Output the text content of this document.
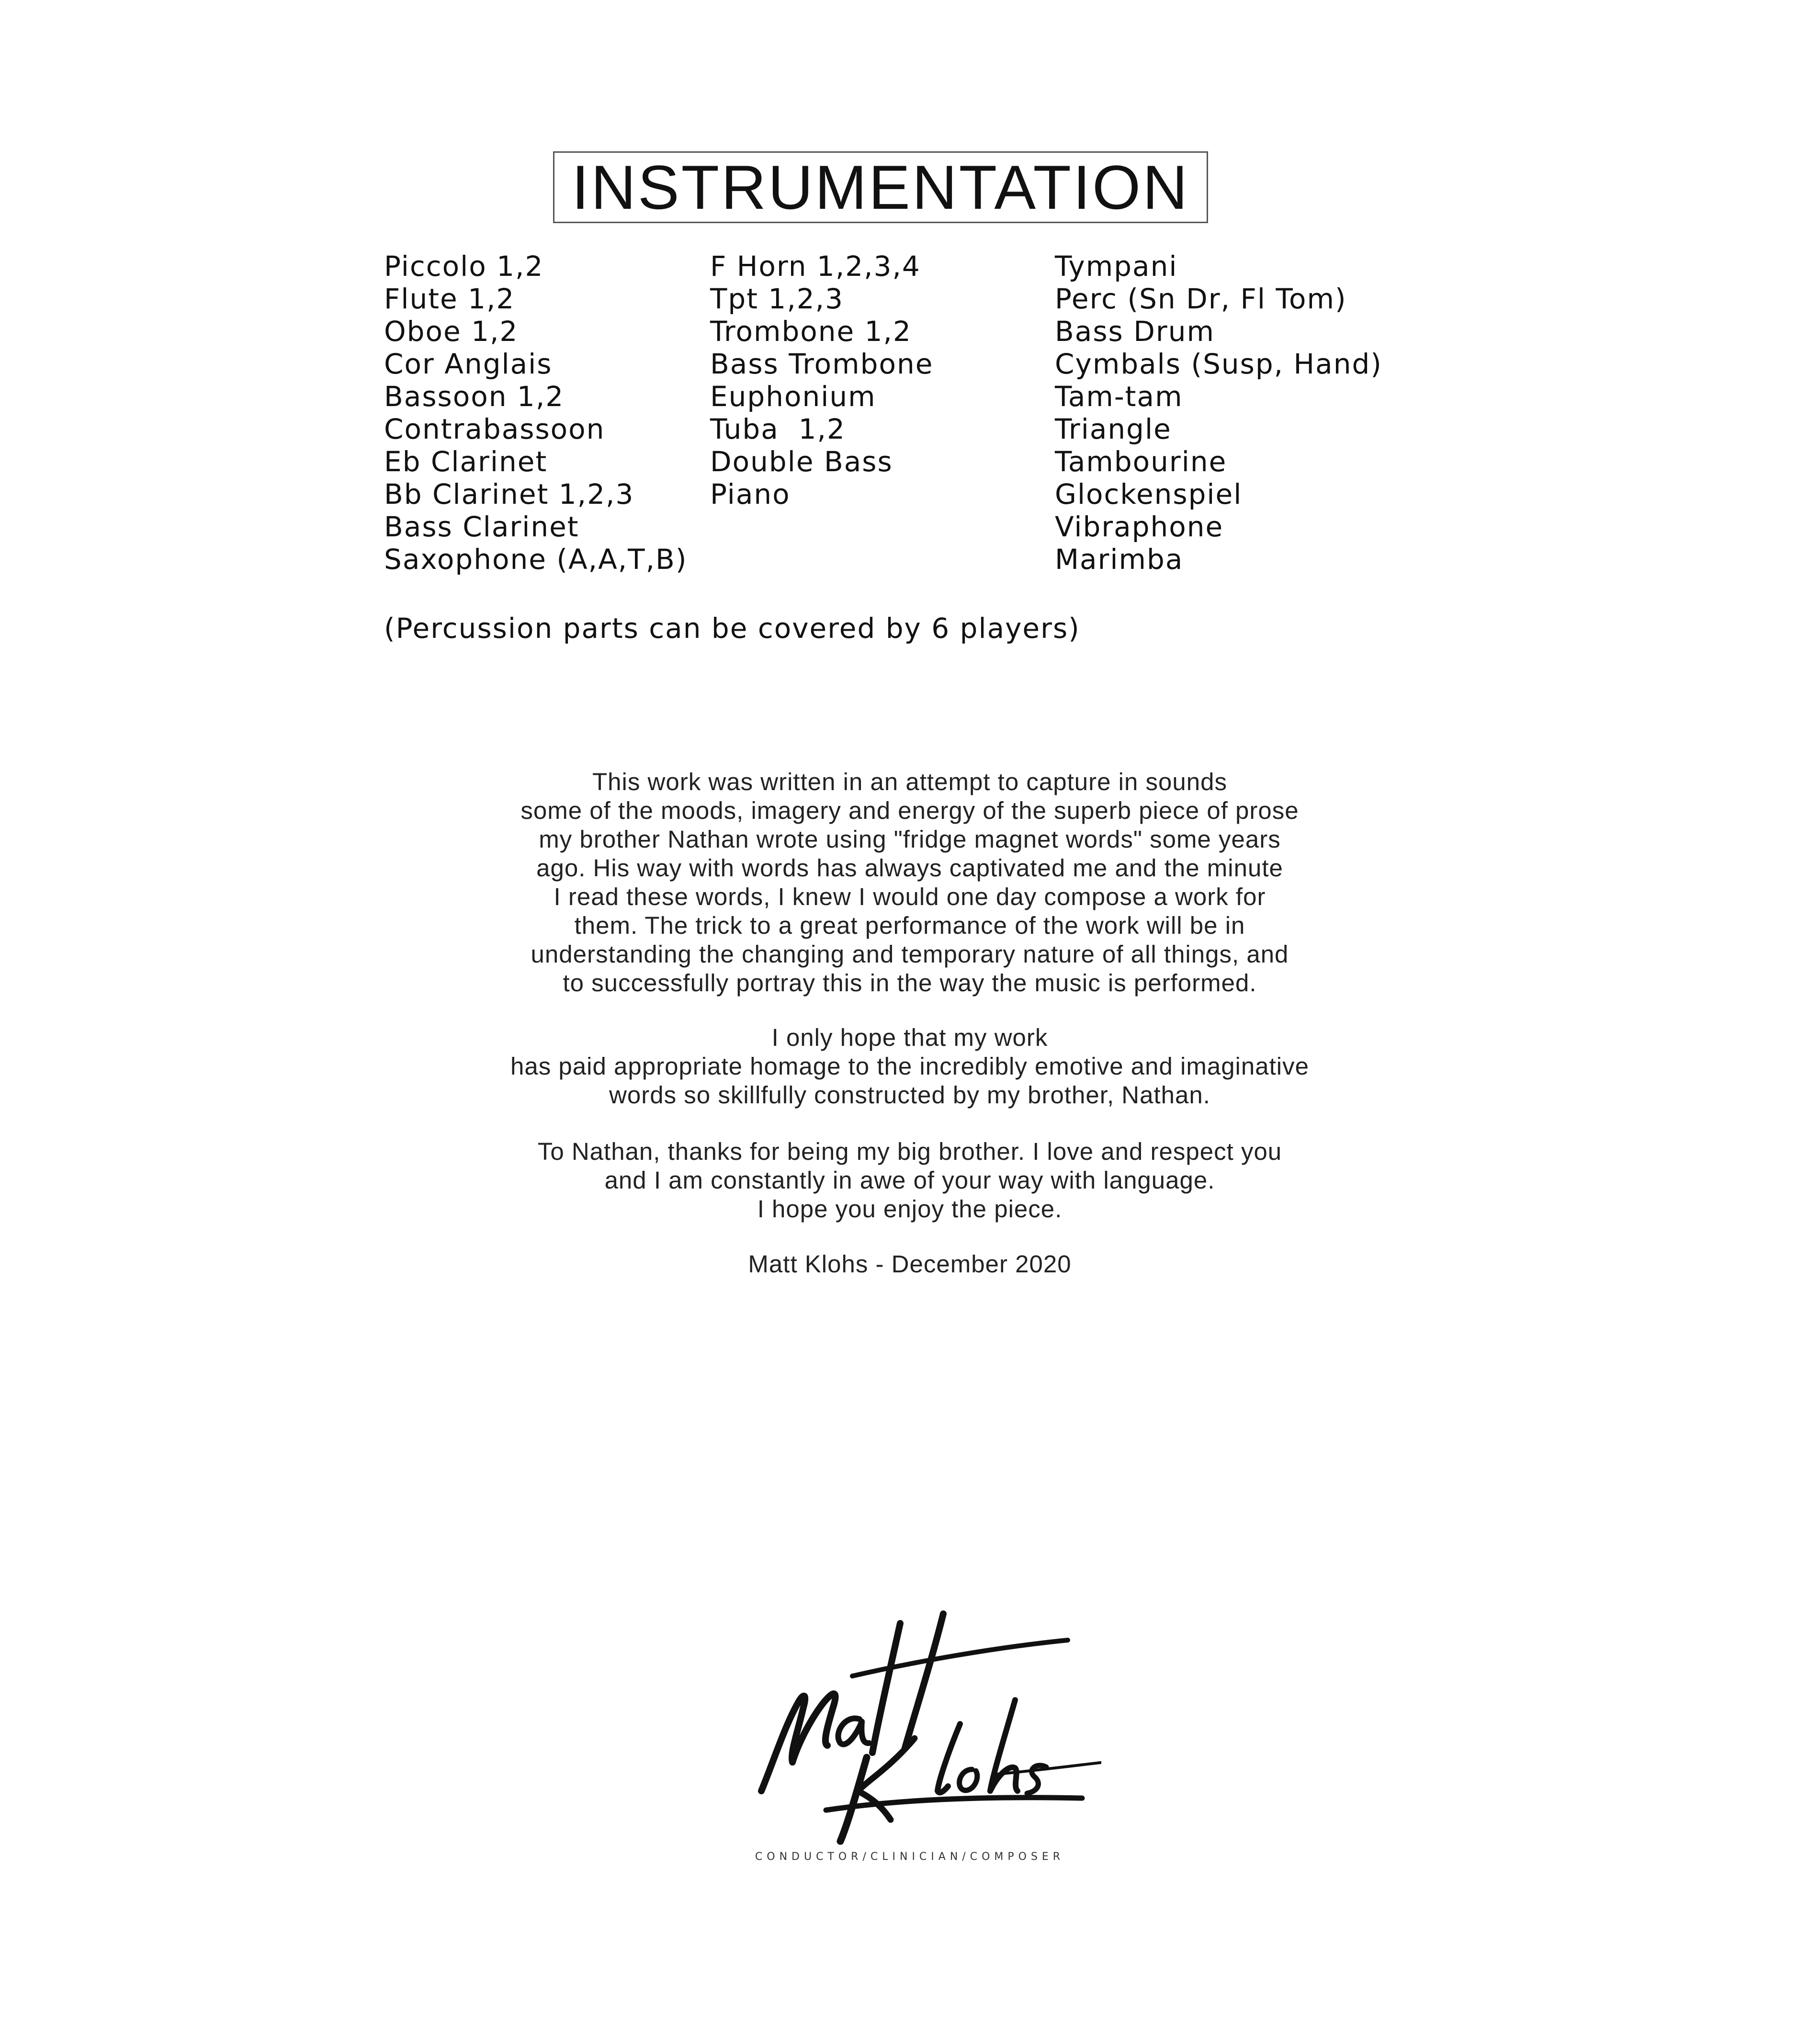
INSTRUMENTATION
Piccolo 1,2
Flute 1,2
Oboe 1,2
Cor Anglais
Bassoon 1,2
Contrabassoon
Eb Clarinet
Bb Clarinet 1,2,3
Bass Clarinet
Saxophone (A,A,T,B)
F Horn 1,2,3,4
Tpt 1,2,3
Trombone 1,2
Bass Trombone
Euphonium
Tuba  1,2
Double Bass
Piano
Tympani
Perc (Sn Dr, Fl Tom)
Bass Drum
Cymbals (Susp, Hand)
Tam-tam
Triangle
Tambourine
Glockenspiel
Vibraphone
Marimba
(Percussion parts can be covered by 6 players)
This work was written in an attempt to capture in sounds
some of the moods, imagery and energy of the superb piece of prose
my brother Nathan wrote using "fridge magnet words" some years
ago. His way with words has always captivated me and the minute
I read these words, I knew I would one day compose a work for
them. The trick to a great performance of the work will be in
understanding the changing and temporary nature of all things, and
to successfully portray this in the way the music is performed.
I only hope that my work
has paid appropriate homage to the incredibly emotive and imaginative
words so skillfully constructed by my brother, Nathan.
To Nathan, thanks for being my big brother. I love and respect you
and I am constantly in awe of your way with language.
I hope you enjoy the piece.
Matt Klohs - December 2020
CONDUCTOR/CLINICIAN/COMPOSER
